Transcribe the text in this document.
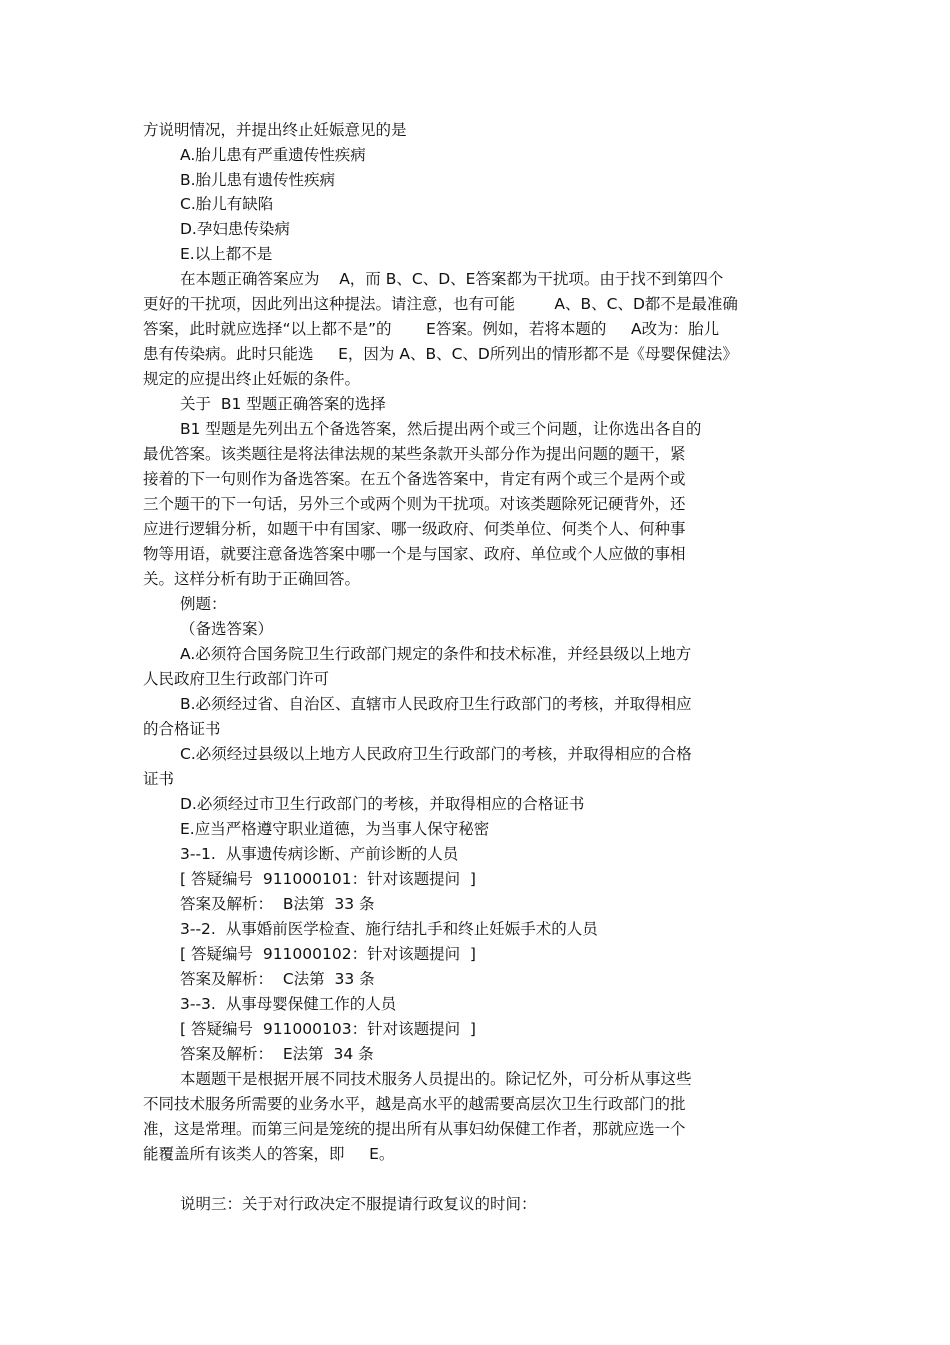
方说明情况，并提出终止妊娠意见的是
A.胎儿患有严重遗传性疾病
B.胎儿患有遗传性疾病
C.胎儿有缺陷
D.孕妇患传染病
E.以上都不是
在本题正确答案应为    A，而 B、C、D、E答案都为干扰项。由于找不到第四个
更好的干扰项，因此列出这种提法。请注意，也有可能        A、B、C、D都不是最准确
答案，此时就应选择“以上都不是”的       E答案。例如，若将本题的     A改为：胎儿
患有传染病。此时只能选     E，因为 A、B、C、D所列出的情形都不是《母婴保健法》
规定的应提出终止妊娠的条件。
关于  B1 型题正确答案的选择
B1 型题是先列出五个备选答案，然后提出两个或三个问题，让你选出各自的
最优答案。该类题往是将法律法规的某些条款开头部分作为提出问题的题干，紧
接着的下一句则作为备选答案。在五个备选答案中，肯定有两个或三个是两个或
三个题干的下一句话，另外三个或两个则为干扰项。对该类题除死记硬背外，还
应进行逻辑分析，如题干中有国家、哪一级政府、何类单位、何类个人、何种事
物等用语，就要注意备选答案中哪一个是与国家、政府、单位或个人应做的事相
关。这样分析有助于正确回答。
例题：
（备选答案）
A.必须符合国务院卫生行政部门规定的条件和技术标准，并经县级以上地方
人民政府卫生行政部门许可
B.必须经过省、自治区、直辖市人民政府卫生行政部门的考核，并取得相应
的合格证书
C.必须经过县级以上地方人民政府卫生行政部门的考核，并取得相应的合格
证书
D.必须经过市卫生行政部门的考核，并取得相应的合格证书
E.应当严格遵守职业道德，为当事人保守秘密
3--1.  从事遗传病诊断、产前诊断的人员
[ 答疑编号  911000101：针对该题提问  ]
答案及解析：  B法第  33 条
3--2.  从事婚前医学检查、施行结扎手和终止妊娠手术的人员
[ 答疑编号  911000102：针对该题提问  ]
答案及解析：  C法第  33 条
3--3.  从事母婴保健工作的人员
[ 答疑编号  911000103：针对该题提问  ]
答案及解析：  E法第  34 条
本题题干是根据开展不同技术服务人员提出的。除记忆外，可分析从事这些
不同技术服务所需要的业务水平，越是高水平的越需要高层次卫生行政部门的批
准，这是常理。而第三问是笼统的提出所有从事妇幼保健工作者，那就应选一个
能覆盖所有该类人的答案，即     E。
说明三：关于对行政决定不服提请行政复议的时间：
